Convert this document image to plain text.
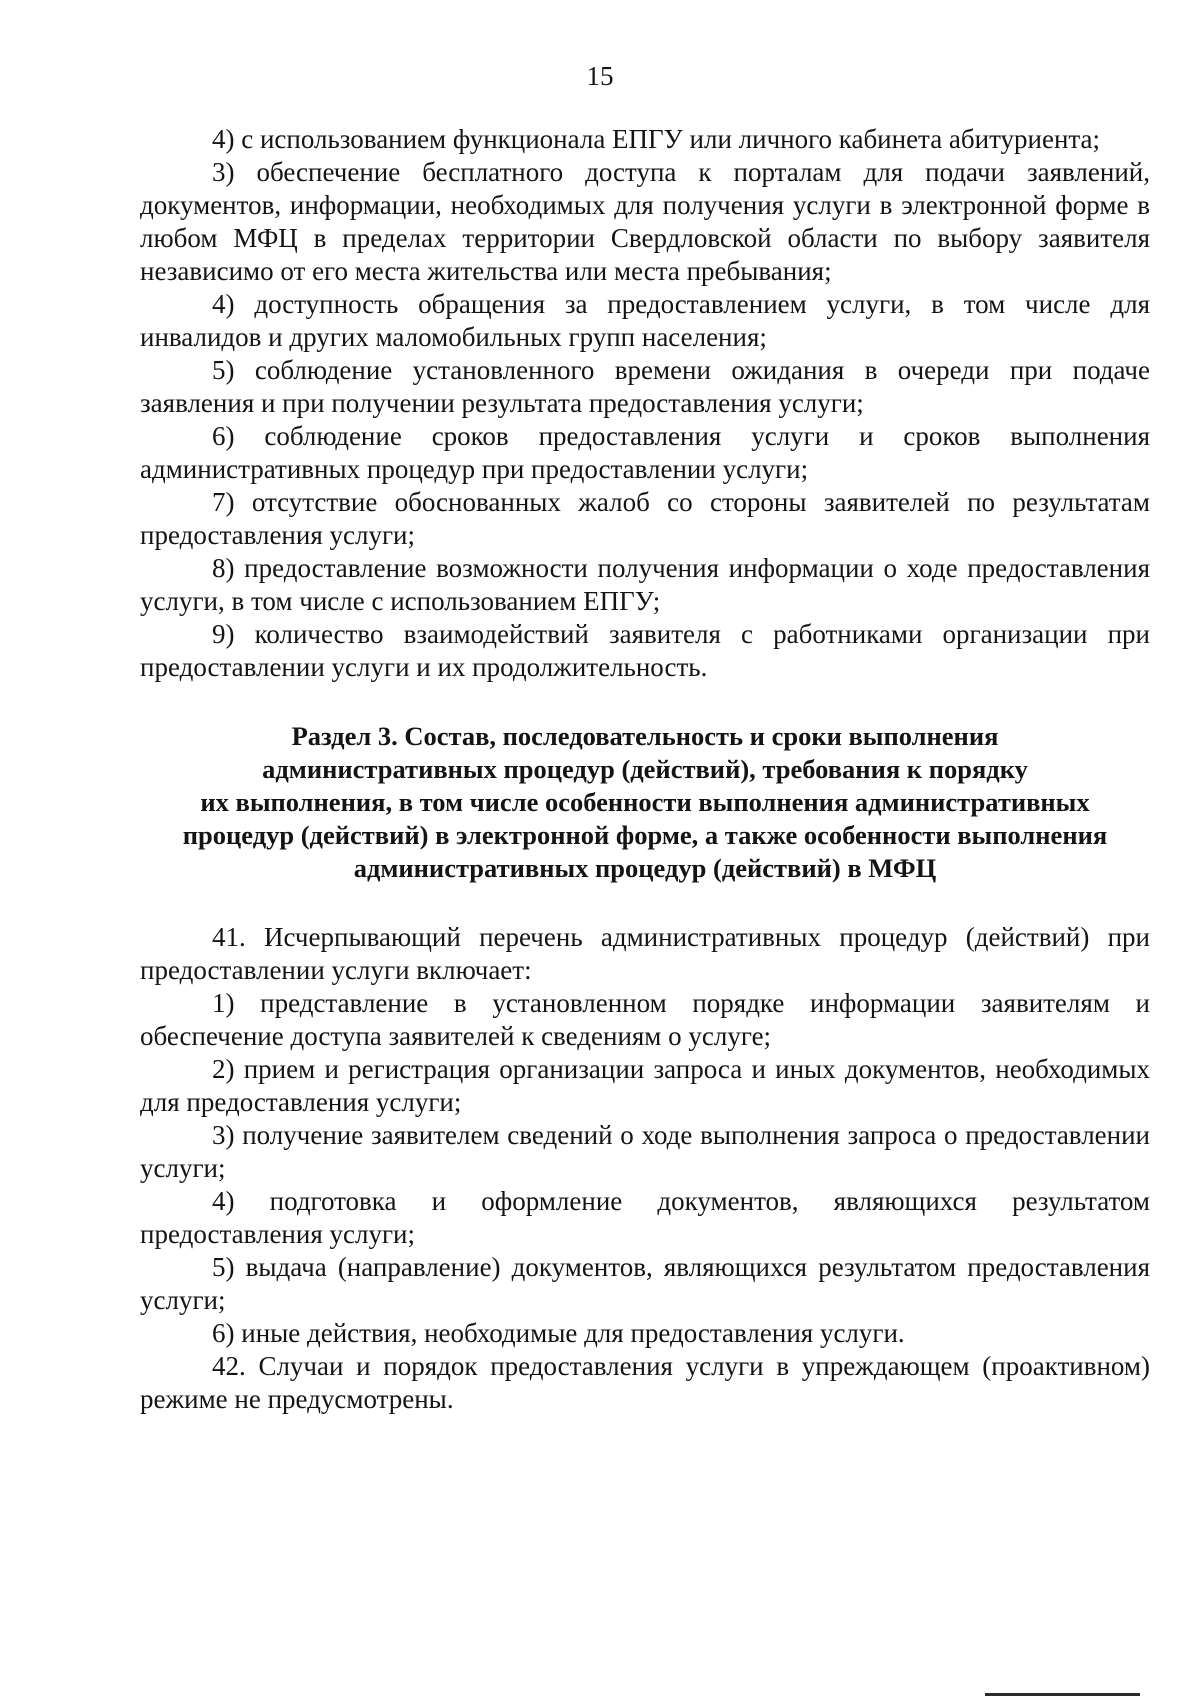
15

4) с использованием функционала ЕПГУ или личного кабинета абитуриента;

3) обеспечение бесплатного доступа к порталам для подачи заявлений, документов, информации, необходимых для получения услуги в электронной форме в любом МФЦ в пределах территории Свердловской области по выбору заявителя независимо от его места жительства или места пребывания;

4) доступность обращения за предоставлением услуги, в том числе для инвалидов и других маломобильных групп населения;

5) соблюдение установленного времени ожидания в очереди при подаче заявления и при получении результата предоставления услуги;

6) соблюдение сроков предоставления услуги и сроков выполнения административных процедур при предоставлении услуги;

7) отсутствие обоснованных жалоб со стороны заявителей по результатам предоставления услуги;

8) предоставление возможности получения информации о ходе предоставления услуги, в том числе с использованием ЕПГУ;

9) количество взаимодействий заявителя с работниками организации при предоставлении услуги и их продолжительность.

Раздел 3. Состав, последовательность и сроки выполнения
административных процедур (действий), требования к порядку
их выполнения, в том числе особенности выполнения административных
процедур (действий) в электронной форме, а также особенности выполнения
административных процедур (действий) в МФЦ

41. Исчерпывающий перечень административных процедур (действий) при предоставлении услуги включает:

1) представление в установленном порядке информации заявителям и обеспечение доступа заявителей к сведениям о услуге;

2) прием и регистрация организации запроса и иных документов, необходимых для предоставления услуги;

3) получение заявителем сведений о ходе выполнения запроса о предоставлении услуги;

4) подготовка и оформление документов, являющихся результатом предоставления услуги;

5) выдача (направление) документов, являющихся результатом предоставления услуги;

6) иные действия, необходимые для предоставления услуги.

42. Случаи и порядок предоставления услуги в упреждающем (проактивном) режиме не предусмотрены.
